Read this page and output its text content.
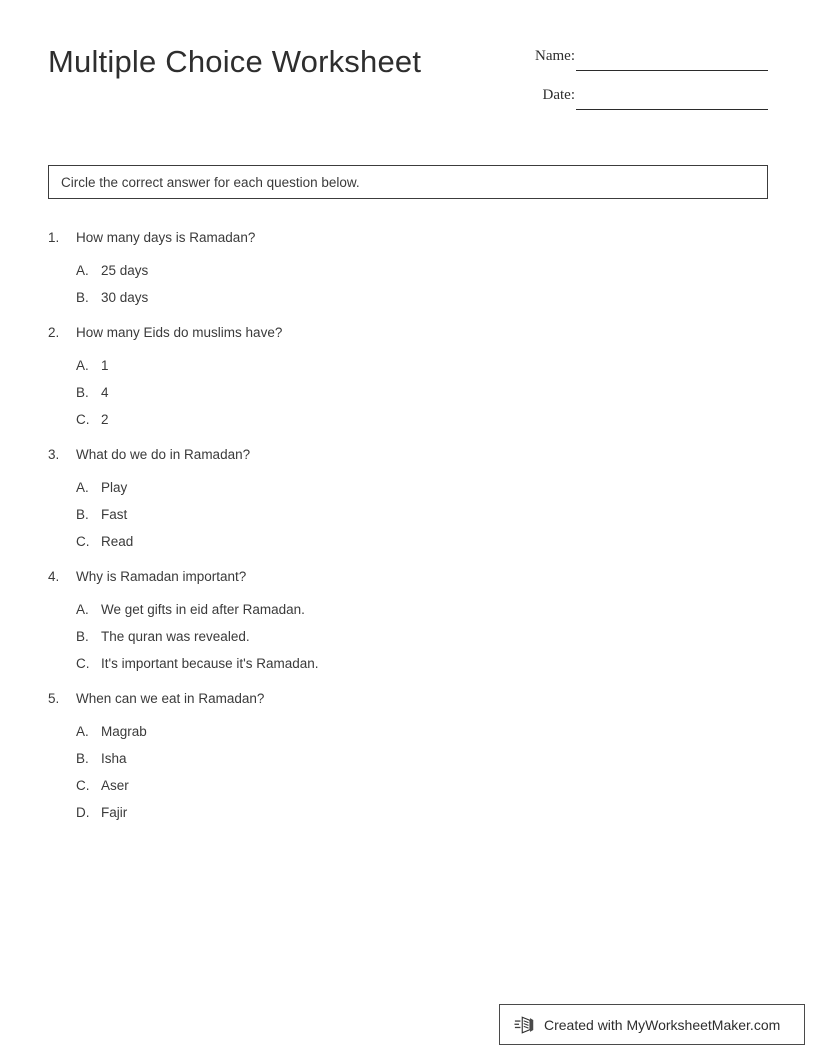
Multiple Choice Worksheet	Name:
Date:
Circle the correct answer for each question below.
1.	How many days is Ramadan?
A. 25 days
B. 30 days
2.	How many Eids do muslims have?
A. 1
B. 4
C. 2
3.	What do we do in Ramadan?
A. Play
B. Fast
C. Read
4.	Why is Ramadan important?
A. We get gifts in eid after Ramadan.
B. The quran was revealed.
C. It's important because it's Ramadan.
5.	When can we eat in Ramadan?
A. Magrab
B. Isha
C. Aser
D. Fajir
Created with MyWorksheetMaker.com
